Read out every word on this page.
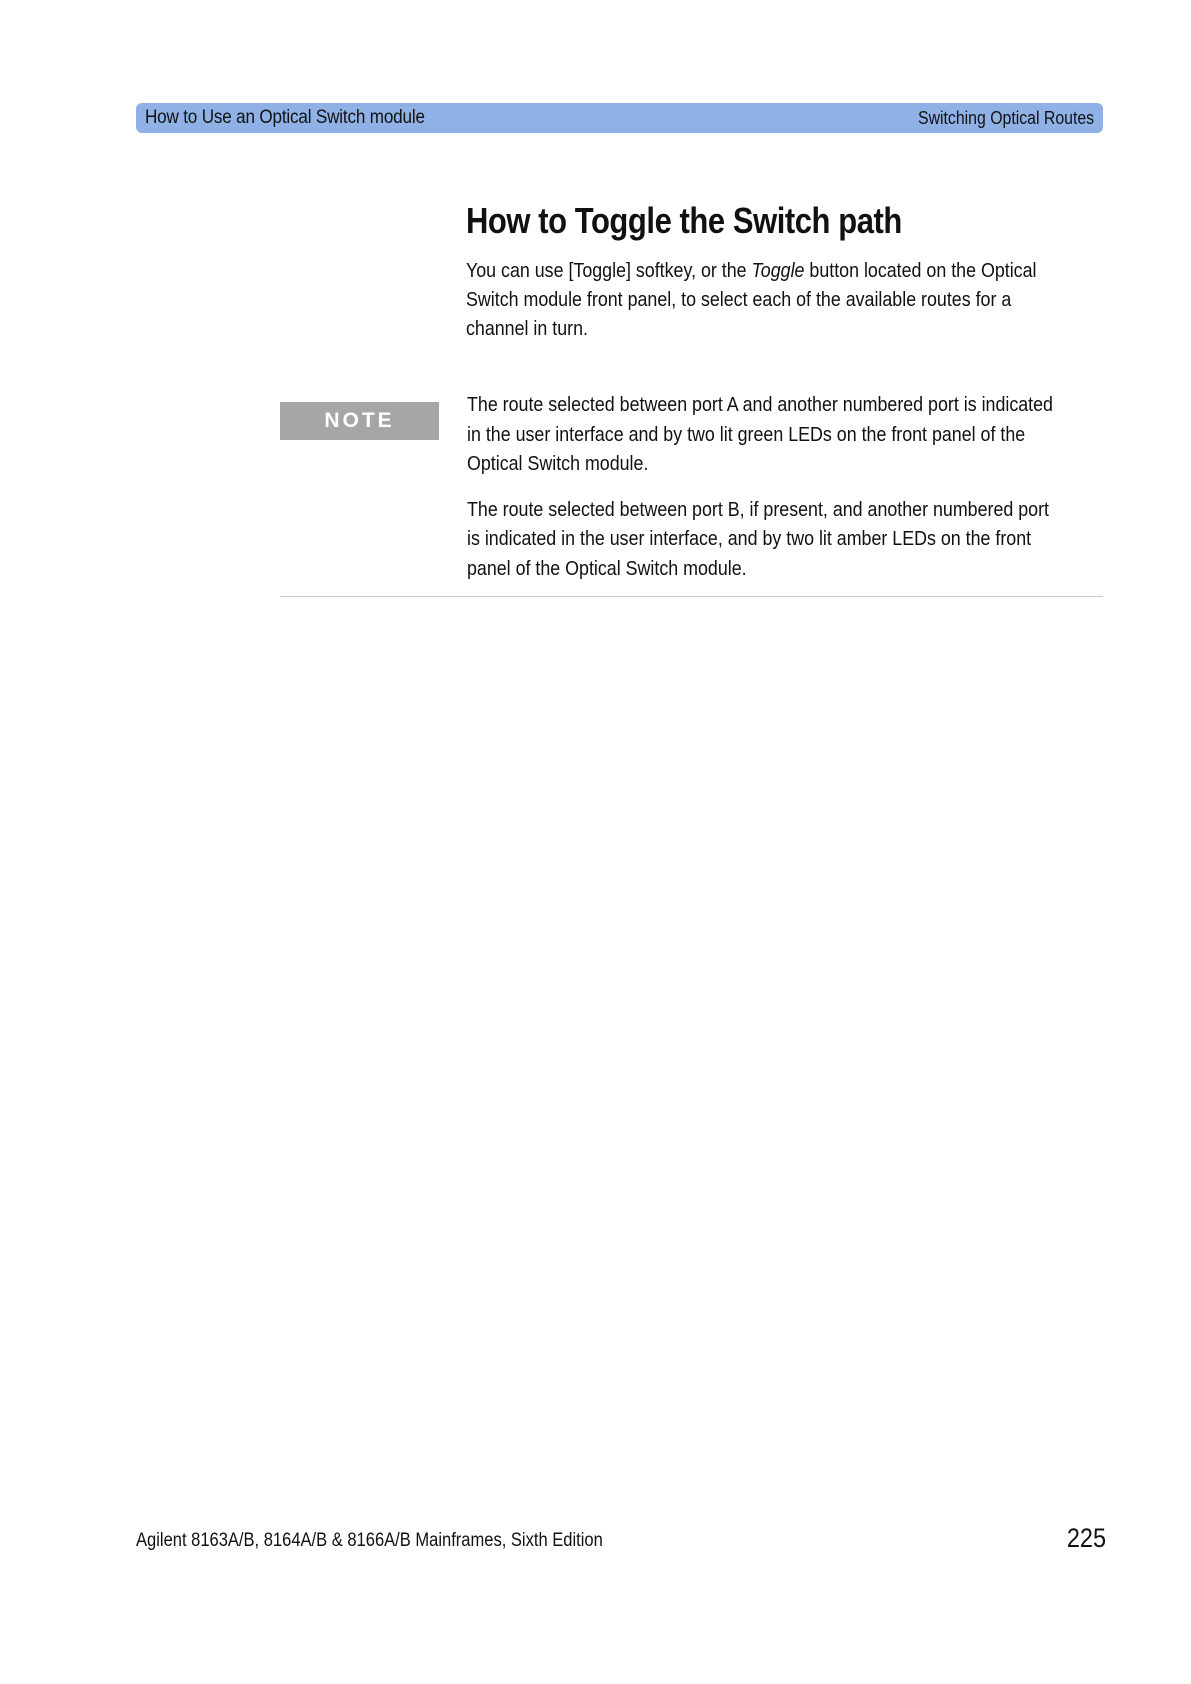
How to Use an Optical Switch module	Switching Optical Routes
How to Toggle the Switch path

You can use [Toggle] softkey, or the Toggle button located on the Optical Switch module front panel, to select each of the available routes for a channel in turn.

NOTE

The route selected between port A and another numbered port is indicated in the user interface and by two lit green LEDs on the front panel of the Optical Switch module.

The route selected between port B, if present, and another numbered port is indicated in the user interface, and by two lit amber LEDs on the front panel of the Optical Switch module.

Agilent 8163A/B, 8164A/B & 8166A/B Mainframes, Sixth Edition	225
